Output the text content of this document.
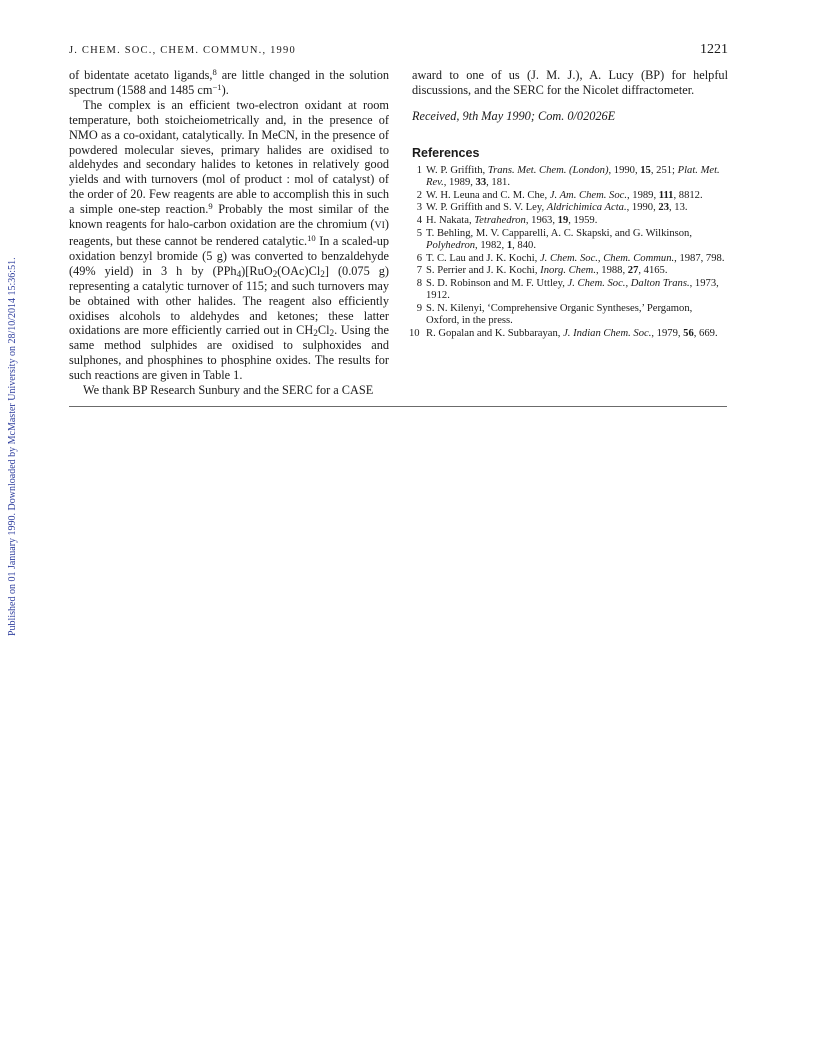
J. CHEM. SOC., CHEM. COMMUN., 1990	1221
Published on 01 January 1990. Downloaded by McMaster University on 28/10/2014 15:36:51.

of bidentate acetato ligands,$^8$ are little changed in the solution spectrum (1588 and 1485 $cm^{-1}$).

The complex is an efficient two-electron oxidant at room temperature, both stoicheiometrically and, in the presence of NMO as a co-oxidant, catalytically. In MeCN, in the presence of powdered molecular sieves, primary halides are oxidised to aldehydes and secondary halides to ketones in relatively good yields and with turnovers (mol of product : mol of catalyst) of the order of 20. Few reagents are able to accomplish this in such a simple one-step reaction.$^9$ Probably the most similar of the known reagents for halo-carbon oxidation are the chromium (VI) reagents, but these cannot be rendered catalytic.$^{10}$ In a scaled-up oxidation benzyl bromide (5 g) was converted to benzaldehyde (49% yield) in 3 h by $(PPh_4)[RuO_2(OAc)Cl_2]$ (0.075 g) representing a catalytic turnover of 115; and such turnovers may be obtained with other halides. The reagent also efficiently oxidises alcohols to aldehydes and ketones; these latter oxidations are more efficiently carried out in $CH_2Cl_2$. Using the same method sulphides are oxidised to sulphoxides and sulphones, and phosphines to phosphine oxides. The results for such reactions are given in Table 1.

We thank BP Research Sunbury and the SERC for a CASE

award to one of us (J. M. J.), A. Lucy (BP) for helpful discussions, and the SERC for the Nicolet diffractometer.

Received, 9th May 1990; Com. 0/02026E

References
1 W. P. Griffith, Trans. Met. Chem. (London), 1990, 15, 251; Plat. Met. Rev., 1989, 33, 181.
2 W. H. Leuna and C. M. Che, J. Am. Chem. Soc., 1989, 111, 8812.
3 W. P. Griffith and S. V. Ley, Aldrichimica Acta., 1990, 23, 13.
4 H. Nakata, Tetrahedron, 1963, 19, 1959.
5 T. Behling, M. V. Capparelli, A. C. Skapski, and G. Wilkinson, Polyhedron, 1982, 1, 840.
6 T. C. Lau and J. K. Kochi, J. Chem. Soc., Chem. Commun., 1987, 798.
7 S. Perrier and J. K. Kochi, Inorg. Chem., 1988, 27, 4165.
8 S. D. Robinson and M. F. Uttley, J. Chem. Soc., Dalton Trans., 1973, 1912.
9 S. N. Kilenyi, ‘Comprehensive Organic Syntheses,’ Pergamon, Oxford, in the press.
10 R. Gopalan and K. Subbarayan, J. Indian Chem. Soc., 1979, 56, 669.
